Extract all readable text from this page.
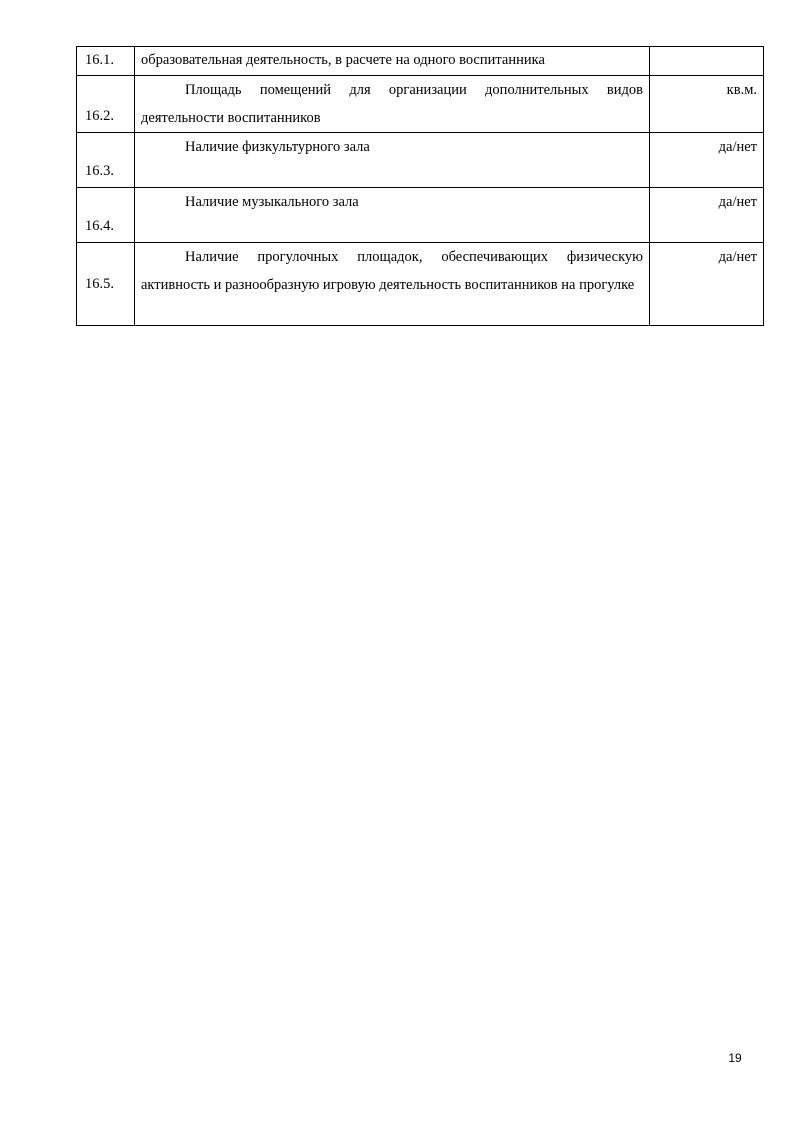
16.1.	образовательная деятельность, в расчете на одного воспитанника	

16.2.	Площадь помещений для организации дополнительных видов деятельности воспитанников	кв.м.

16.3.	Наличие физкультурного зала	да/нет

16.4.	Наличие музыкального зала	да/нет

16.5.	Наличие прогулочных площадок, обеспечивающих физическую активность и разнообразную игровую деятельность воспитанников на прогулке	да/нет
19
